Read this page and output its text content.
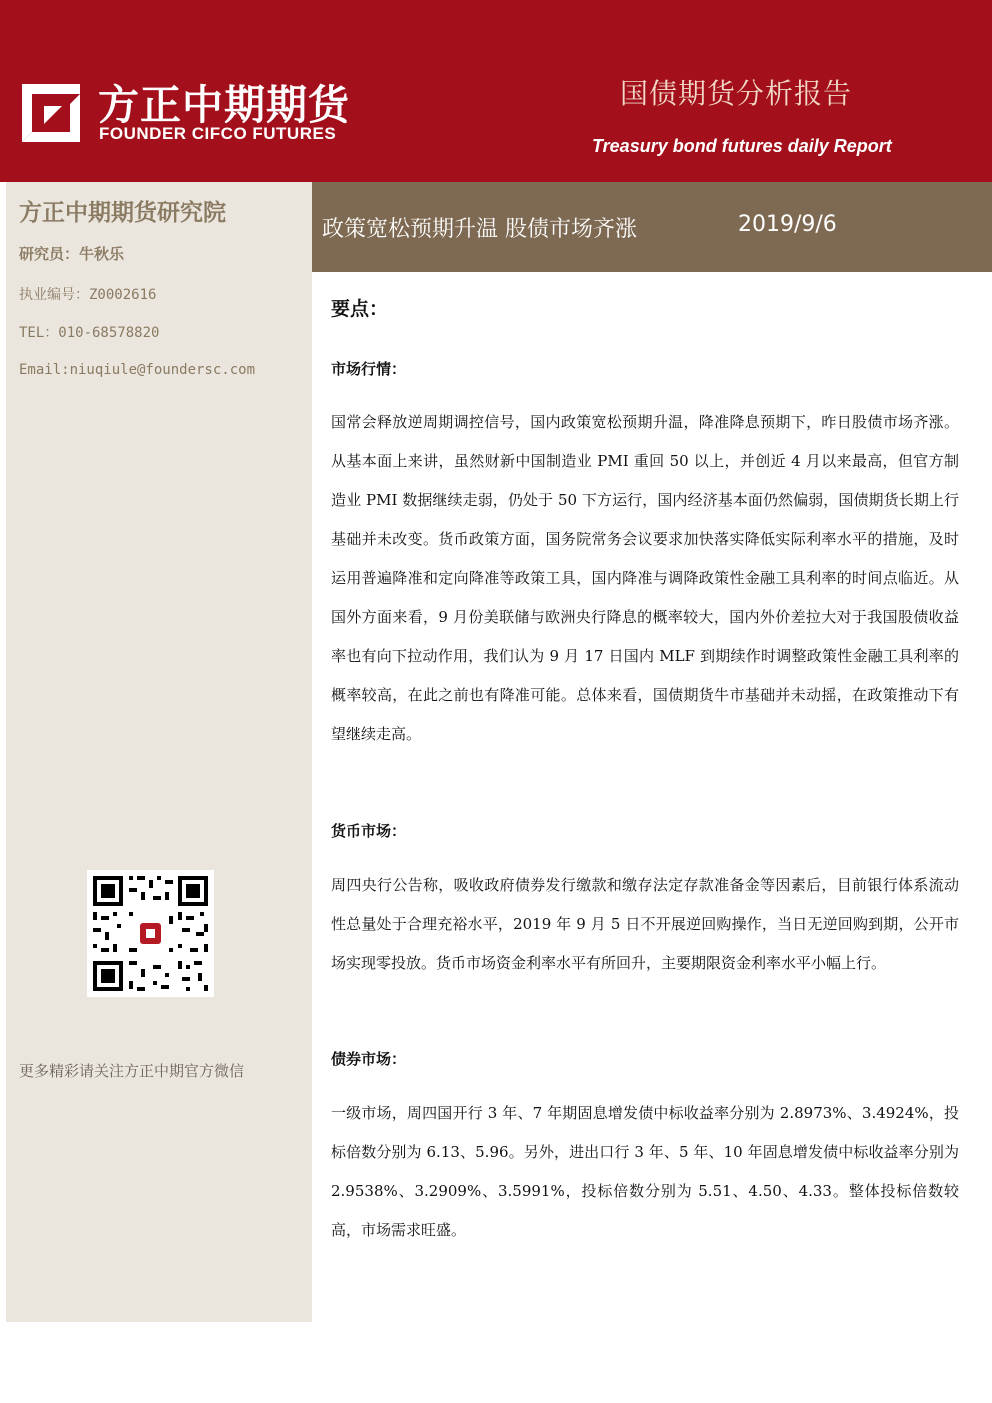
方正中期期货
FOUNDER CIFCO FUTURES
国债期货分析报告
Treasury bond futures daily Report
方正中期期货研究院
研究员：牛秋乐
执业编号：Z0002616
TEL：010-68578820
Email:niuqiule@foundersc.com
更多精彩请关注方正中期官方微信
政策宽松预期升温 股债市场齐涨	2019/9/6
要点：
市场行情：
国常会释放逆周期调控信号，国内政策宽松预期升温，降准降息预期下，昨日股债市场齐涨。从基本面上来讲，虽然财新中国制造业 PMI 重回 50 以上，并创近 4 月以来最高，但官方制造业 PMI 数据继续走弱，仍处于 50 下方运行，国内经济基本面仍然偏弱，国债期货长期上行基础并未改变。货币政策方面，国务院常务会议要求加快落实降低实际利率水平的措施，及时运用普遍降准和定向降准等政策工具，国内降准与调降政策性金融工具利率的时间点临近。从国外方面来看，9 月份美联储与欧洲央行降息的概率较大，国内外价差拉大对于我国股债收益率也有向下拉动作用，我们认为 9 月 17 日国内 MLF 到期续作时调整政策性金融工具利率的概率较高，在此之前也有降准可能。总体来看，国债期货牛市基础并未动摇，在政策推动下有望继续走高。
货币市场：
周四央行公告称，吸收政府债券发行缴款和缴存法定存款准备金等因素后，目前银行体系流动性总量处于合理充裕水平，2019 年 9 月 5 日不开展逆回购操作，当日无逆回购到期，公开市场实现零投放。货币市场资金利率水平有所回升，主要期限资金利率水平小幅上行。
债券市场：
一级市场，周四国开行 3 年、7 年期固息增发债中标收益率分别为 2.8973%、3.4924%，投标倍数分别为 6.13、5.96。另外，进出口行 3 年、5 年、10 年固息增发债中标收益率分别为 2.9538%、3.2909%、3.5991%，投标倍数分别为 5.51、4.50、4.33。整体投标倍数较高，市场需求旺盛。
